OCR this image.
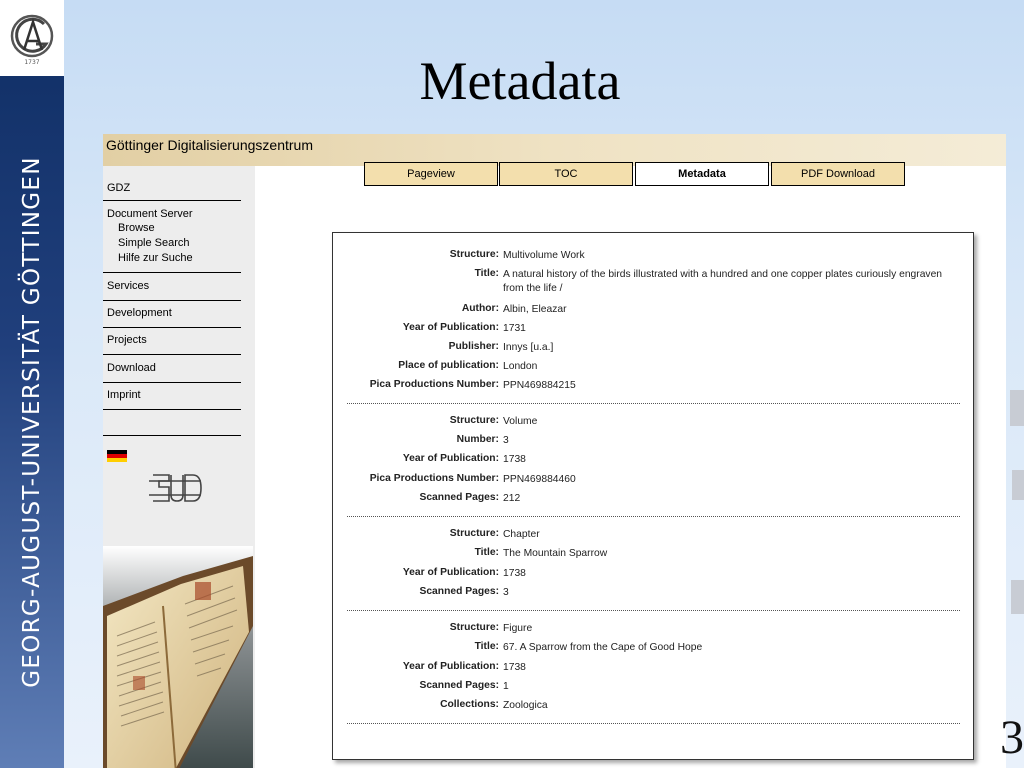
1737
GEORG-AUGUST-UNIVERSITÄT GÖTTINGEN
Metadata
Göttinger Digitalisierungszentrum
GDZ
Document Server
Browse
Simple Search
Hilfe zur Suche
Services
Development
Projects
Download
Imprint
Pageview	TOC	Metadata	PDF Download
Structure: Multivolume Work
Title: A natural history of the birds illustrated with a hundred and one copper plates curiously engraven from the life /
Author: Albin, Eleazar
Year of Publication: 1731
Publisher: Innys [u.a.]
Place of publication: London
Pica Productions Number: PPN469884215
Structure: Volume
Number: 3
Year of Publication: 1738
Pica Productions Number: PPN469884460
Scanned Pages: 212
Structure: Chapter
Title: The Mountain Sparrow
Year of Publication: 1738
Scanned Pages: 3
Structure: Figure
Title: 67. A Sparrow from the Cape of Good Hope
Year of Publication: 1738
Scanned Pages: 1
Collections: Zoologica
3
